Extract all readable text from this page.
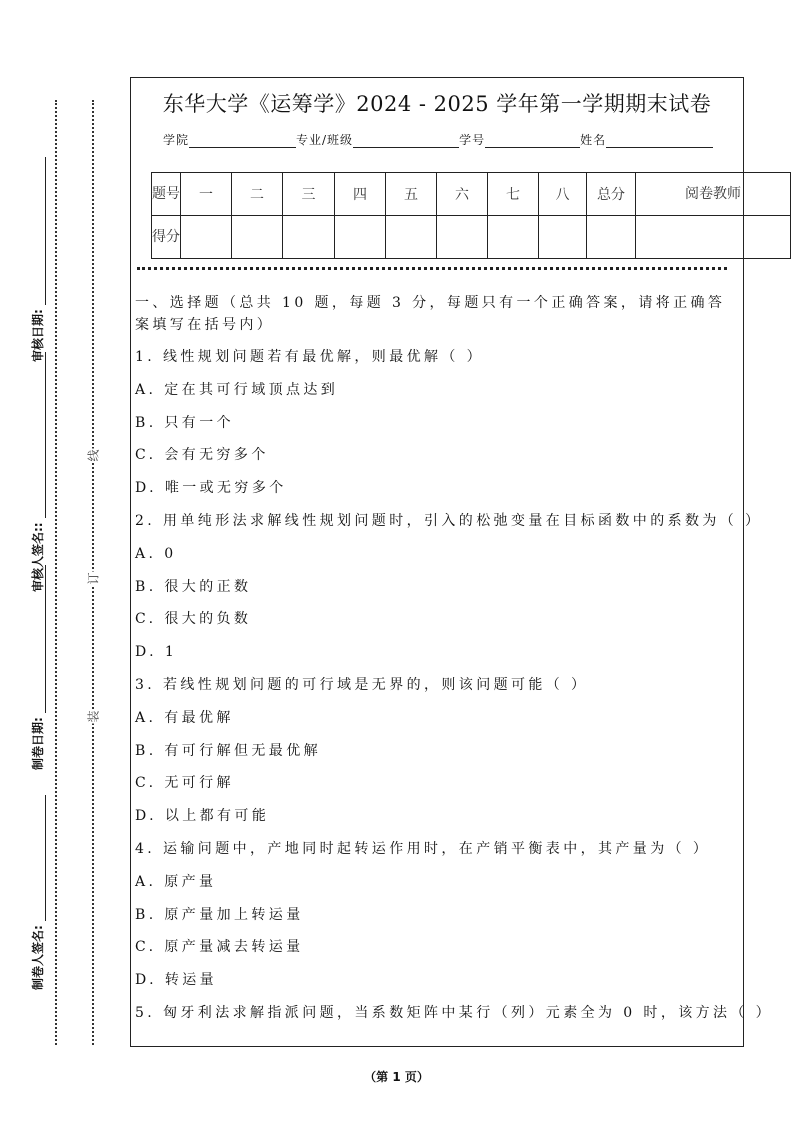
装
订
线
制卷人签名:
制卷日期:
审核人签名::
审核日期:
东华大学《运筹学》2024 - 2025 学年第一学期期末试卷
学院	专业/班级	学号	姓名
题号	一	二	三	四	五	六	七	八	总分	阅卷教师
得分										
一、选择题（总共 10 题，每题 3 分，每题只有一个正确答案，请将正确答案填写在括号内）
1. 线性规划问题若有最优解，则最优解（ ）
A. 定在其可行域顶点达到
B. 只有一个
C. 会有无穷多个
D. 唯一或无穷多个
2. 用单纯形法求解线性规划问题时，引入的松弛变量在目标函数中的系数为（ ）
A. 0
B. 很大的正数
C. 很大的负数
D. 1
3. 若线性规划问题的可行域是无界的，则该问题可能（ ）
A. 有最优解
B. 有可行解但无最优解
C. 无可行解
D. 以上都有可能
4. 运输问题中，产地同时起转运作用时，在产销平衡表中，其产量为（ ）
A. 原产量
B. 原产量加上转运量
C. 原产量减去转运量
D. 转运量
5. 匈牙利法求解指派问题，当系数矩阵中某行（列）元素全为 0 时，该方法（ ）
（第 1 页）
